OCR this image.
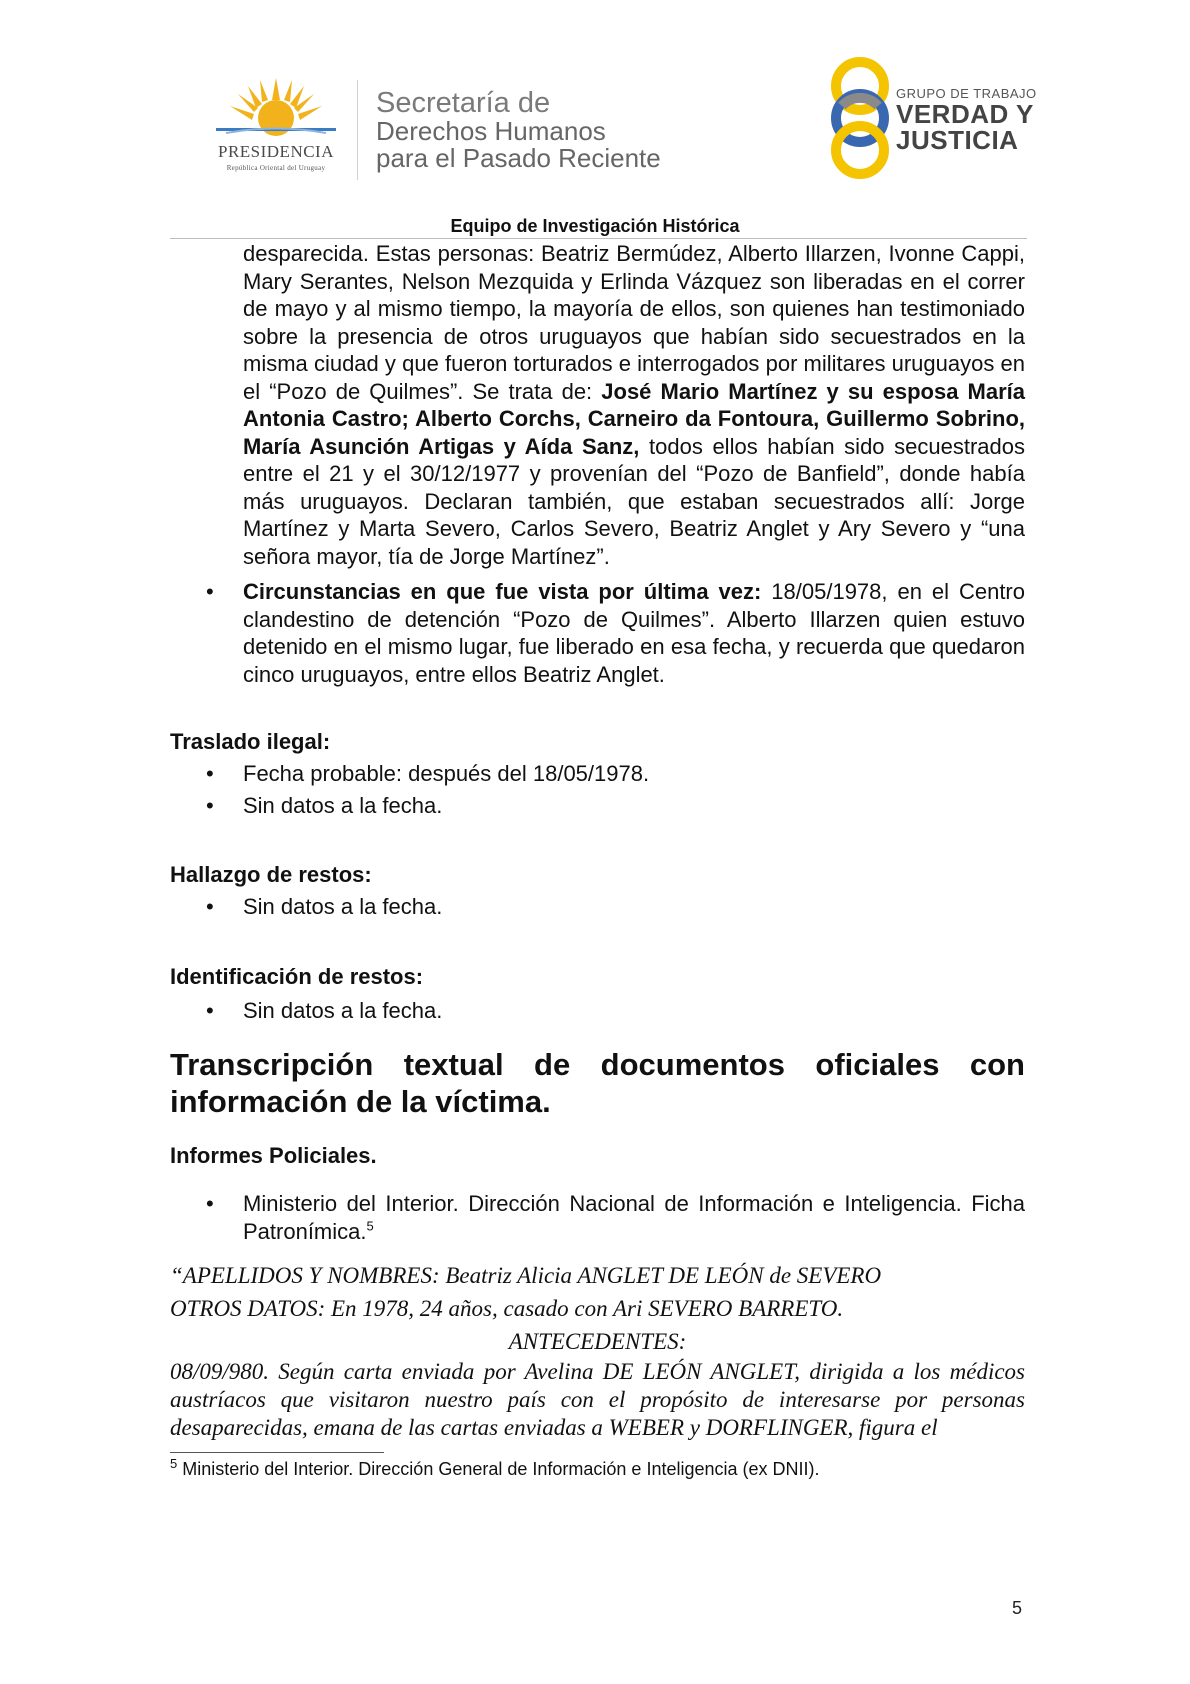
PRESIDENCIA
República Oriental del Uruguay
Secretaría de
Derechos Humanos
para el Pasado Reciente
GRUPO DE TRABAJO
VERDAD Y
JUSTICIA
Equipo de Investigación Histórica

desparecida. Estas personas: Beatriz Bermúdez, Alberto Illarzen, Ivonne Cappi, Mary Serantes, Nelson Mezquida y Erlinda Vázquez son liberadas en el correr de mayo y al mismo tiempo, la mayoría de ellos, son quienes han testimoniado sobre la presencia de otros uruguayos que habían sido secuestrados en la misma ciudad y que fueron torturados e interrogados por militares uruguayos en el “Pozo de Quilmes”. Se trata de: José Mario Martínez y su esposa María Antonia Castro; Alberto Corchs, Carneiro da Fontoura, Guillermo Sobrino, María Asunción Artigas y Aída Sanz, todos ellos habían sido secuestrados entre el 21 y el 30/12/1977 y provenían del “Pozo de Banfield”, donde había más uruguayos. Declaran también, que estaban secuestrados allí: Jorge Martínez y Marta Severo, Carlos Severo, Beatriz Anglet y Ary Severo y “una señora mayor, tía de Jorge Martínez”.

•	Circunstancias en que fue vista por última vez: 18/05/1978, en el Centro clandestino de detención “Pozo de Quilmes”. Alberto Illarzen quien estuvo detenido en el mismo lugar, fue liberado en esa fecha, y recuerda que quedaron cinco uruguayos, entre ellos Beatriz Anglet.
Traslado ilegal:
•	Fecha probable: después del 18/05/1978.
•	Sin datos a la fecha.
Hallazgo de restos:
•	Sin datos a la fecha.
Identificación de restos:
•	Sin datos a la fecha.
Transcripción textual de documentos oficiales con información de la víctima.
Informes Policiales.
•	Ministerio del Interior. Dirección Nacional de Información e Inteligencia. Ficha Patronímica.$^5$
“APELLIDOS Y NOMBRES: Beatriz Alicia ANGLET DE LEÓN de SEVERO
OTROS DATOS: En 1978, 24 años, casado con Ari SEVERO BARRETO.
ANTECEDENTES:
08/09/980. Según carta enviada por Avelina DE LEÓN ANGLET, dirigida a los médicos austríacos que visitaron nuestro país con el propósito de interesarse por personas desaparecidas, emana de las cartas enviadas a WEBER y DORFLINGER, figura el
$^5$ Ministerio del Interior. Dirección General de Información e Inteligencia (ex DNII).
5
